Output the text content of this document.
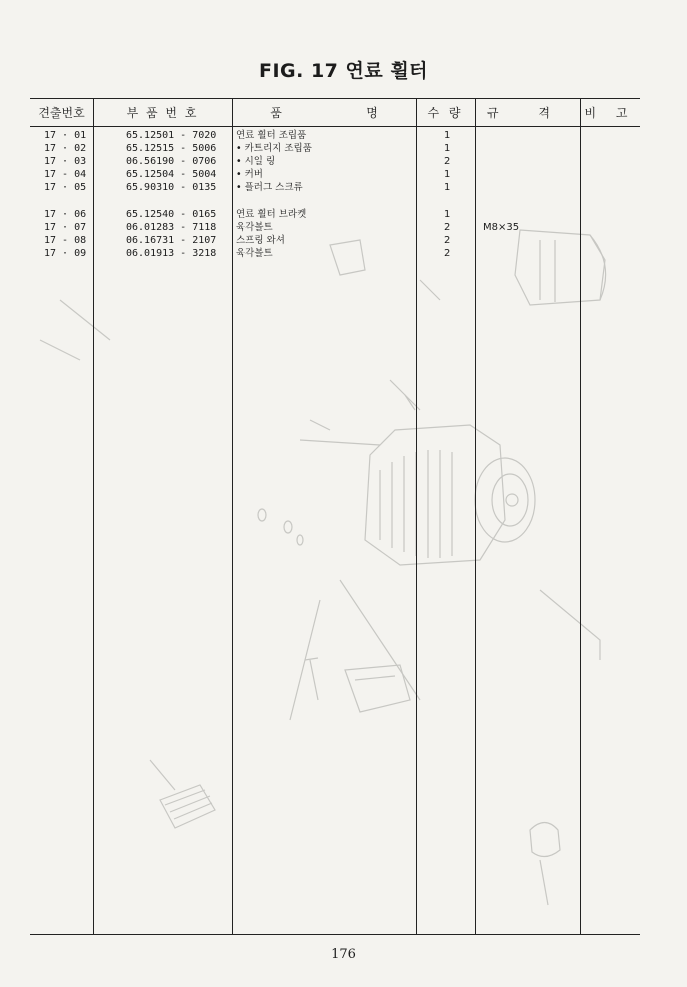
FIG. 17 연료 휠터
견출번호	부 품 번 호	품	명	수 량	규 격	비 고
17 · 01	65.12501 - 7020 연료 휠터 조립품	1
17 · 02	65.12515 - 5006 • 카트리지 조립품	1
17 · 03	06.56190 - 0706 • 시일 링	2
17 - 04	65.12504 - 5004 • 커버	1
17 · 05	65.90310 - 0135 • 플러그 스크류	1
17 · 06	65.12540 - 0165 연료 휠터 브라켓	1
17 · 07	06.01283 - 7118 육각볼트	2	M8×35
17 - 08	06.16731 - 2107 스프링 와셔	2
17 · 09	06.01913 - 3218 육각볼트	2
176
